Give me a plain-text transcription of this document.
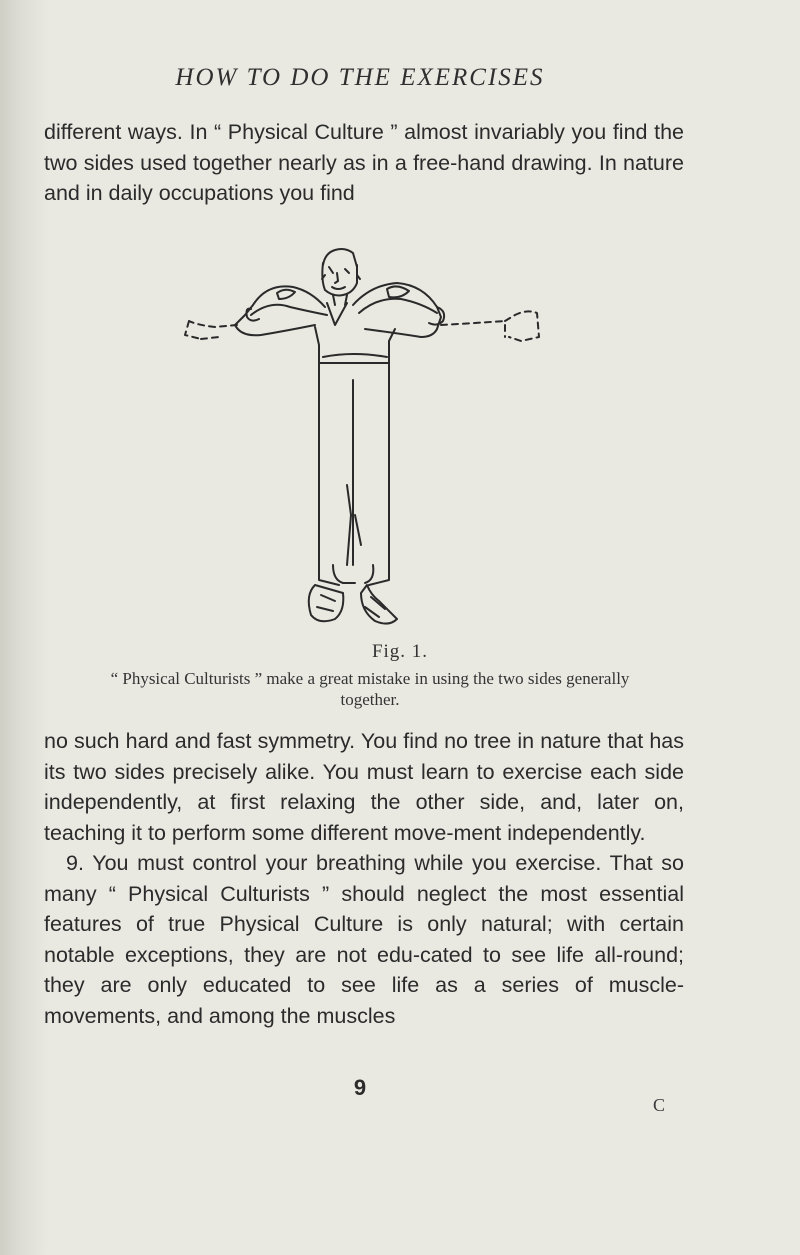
HOW TO DO THE EXERCISES

different ways. In “ Physical Culture ” almost invariably you find the two sides used together nearly as in a free-hand drawing. In nature and in daily occupations you find

Fig. 1.
“ Physical Culturists ” make a great mistake in using the two sides generally together.

no such hard and fast symmetry. You find no tree in nature that has its two sides precisely alike. You must learn to exercise each side independently, at first relaxing the other side, and, later on, teaching it to perform some different move-ment independently.
9. You must control your breathing while you exercise. That so many “ Physical Culturists ” should neglect the most essential features of true Physical Culture is only natural; with certain notable exceptions, they are not edu-cated to see life all-round; they are only educated to see life as a series of muscle-movements, and among the muscles

9
C
